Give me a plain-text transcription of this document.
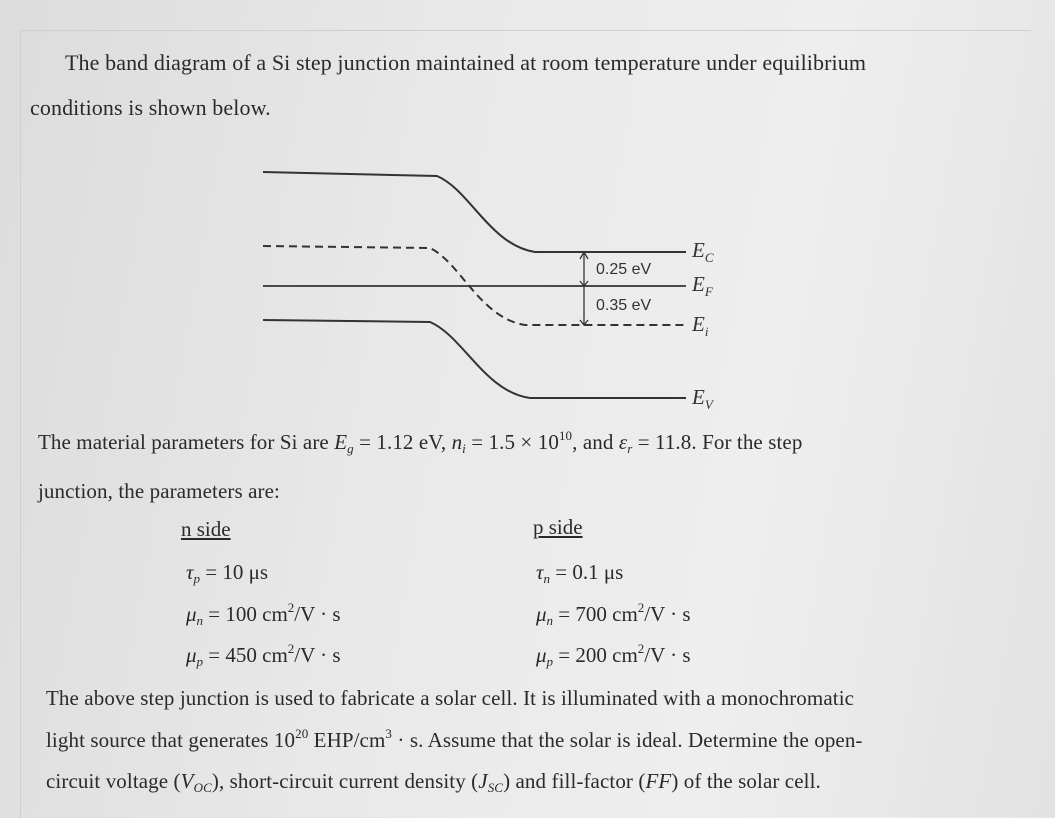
The band diagram of a Si step junction maintained at room temperature under equilibrium
conditions is shown below.
0.25 eV
0.35 eV
$E_C$
$E_F$
$E_i$
$E_V$
The material parameters for Si are $E_g = 1.12$ eV, $n_i = 1.5 \times 10^{10}$, and $\varepsilon_r = 11.8$. For the step
junction, the parameters are:
n side	p side
$\tau_p = 10$ μs
$\mu_n = 100$ $cm^2/V \cdot s$
$\mu_p = 450$ $cm^2/V \cdot s$
$\tau_n = 0.1$ μs
$\mu_n = 700$ $cm^2/V \cdot s$
$\mu_p = 200$ $cm^2/V \cdot s$
The above step junction is used to fabricate a solar cell. It is illuminated with a monochromatic
light source that generates $10^{20}$ EHP/$cm^3 \cdot s$. Assume that the solar is ideal. Determine the open-
circuit voltage $(V_{OC})$, short-circuit current density $(J_{SC})$ and fill-factor (FF) of the solar cell.
